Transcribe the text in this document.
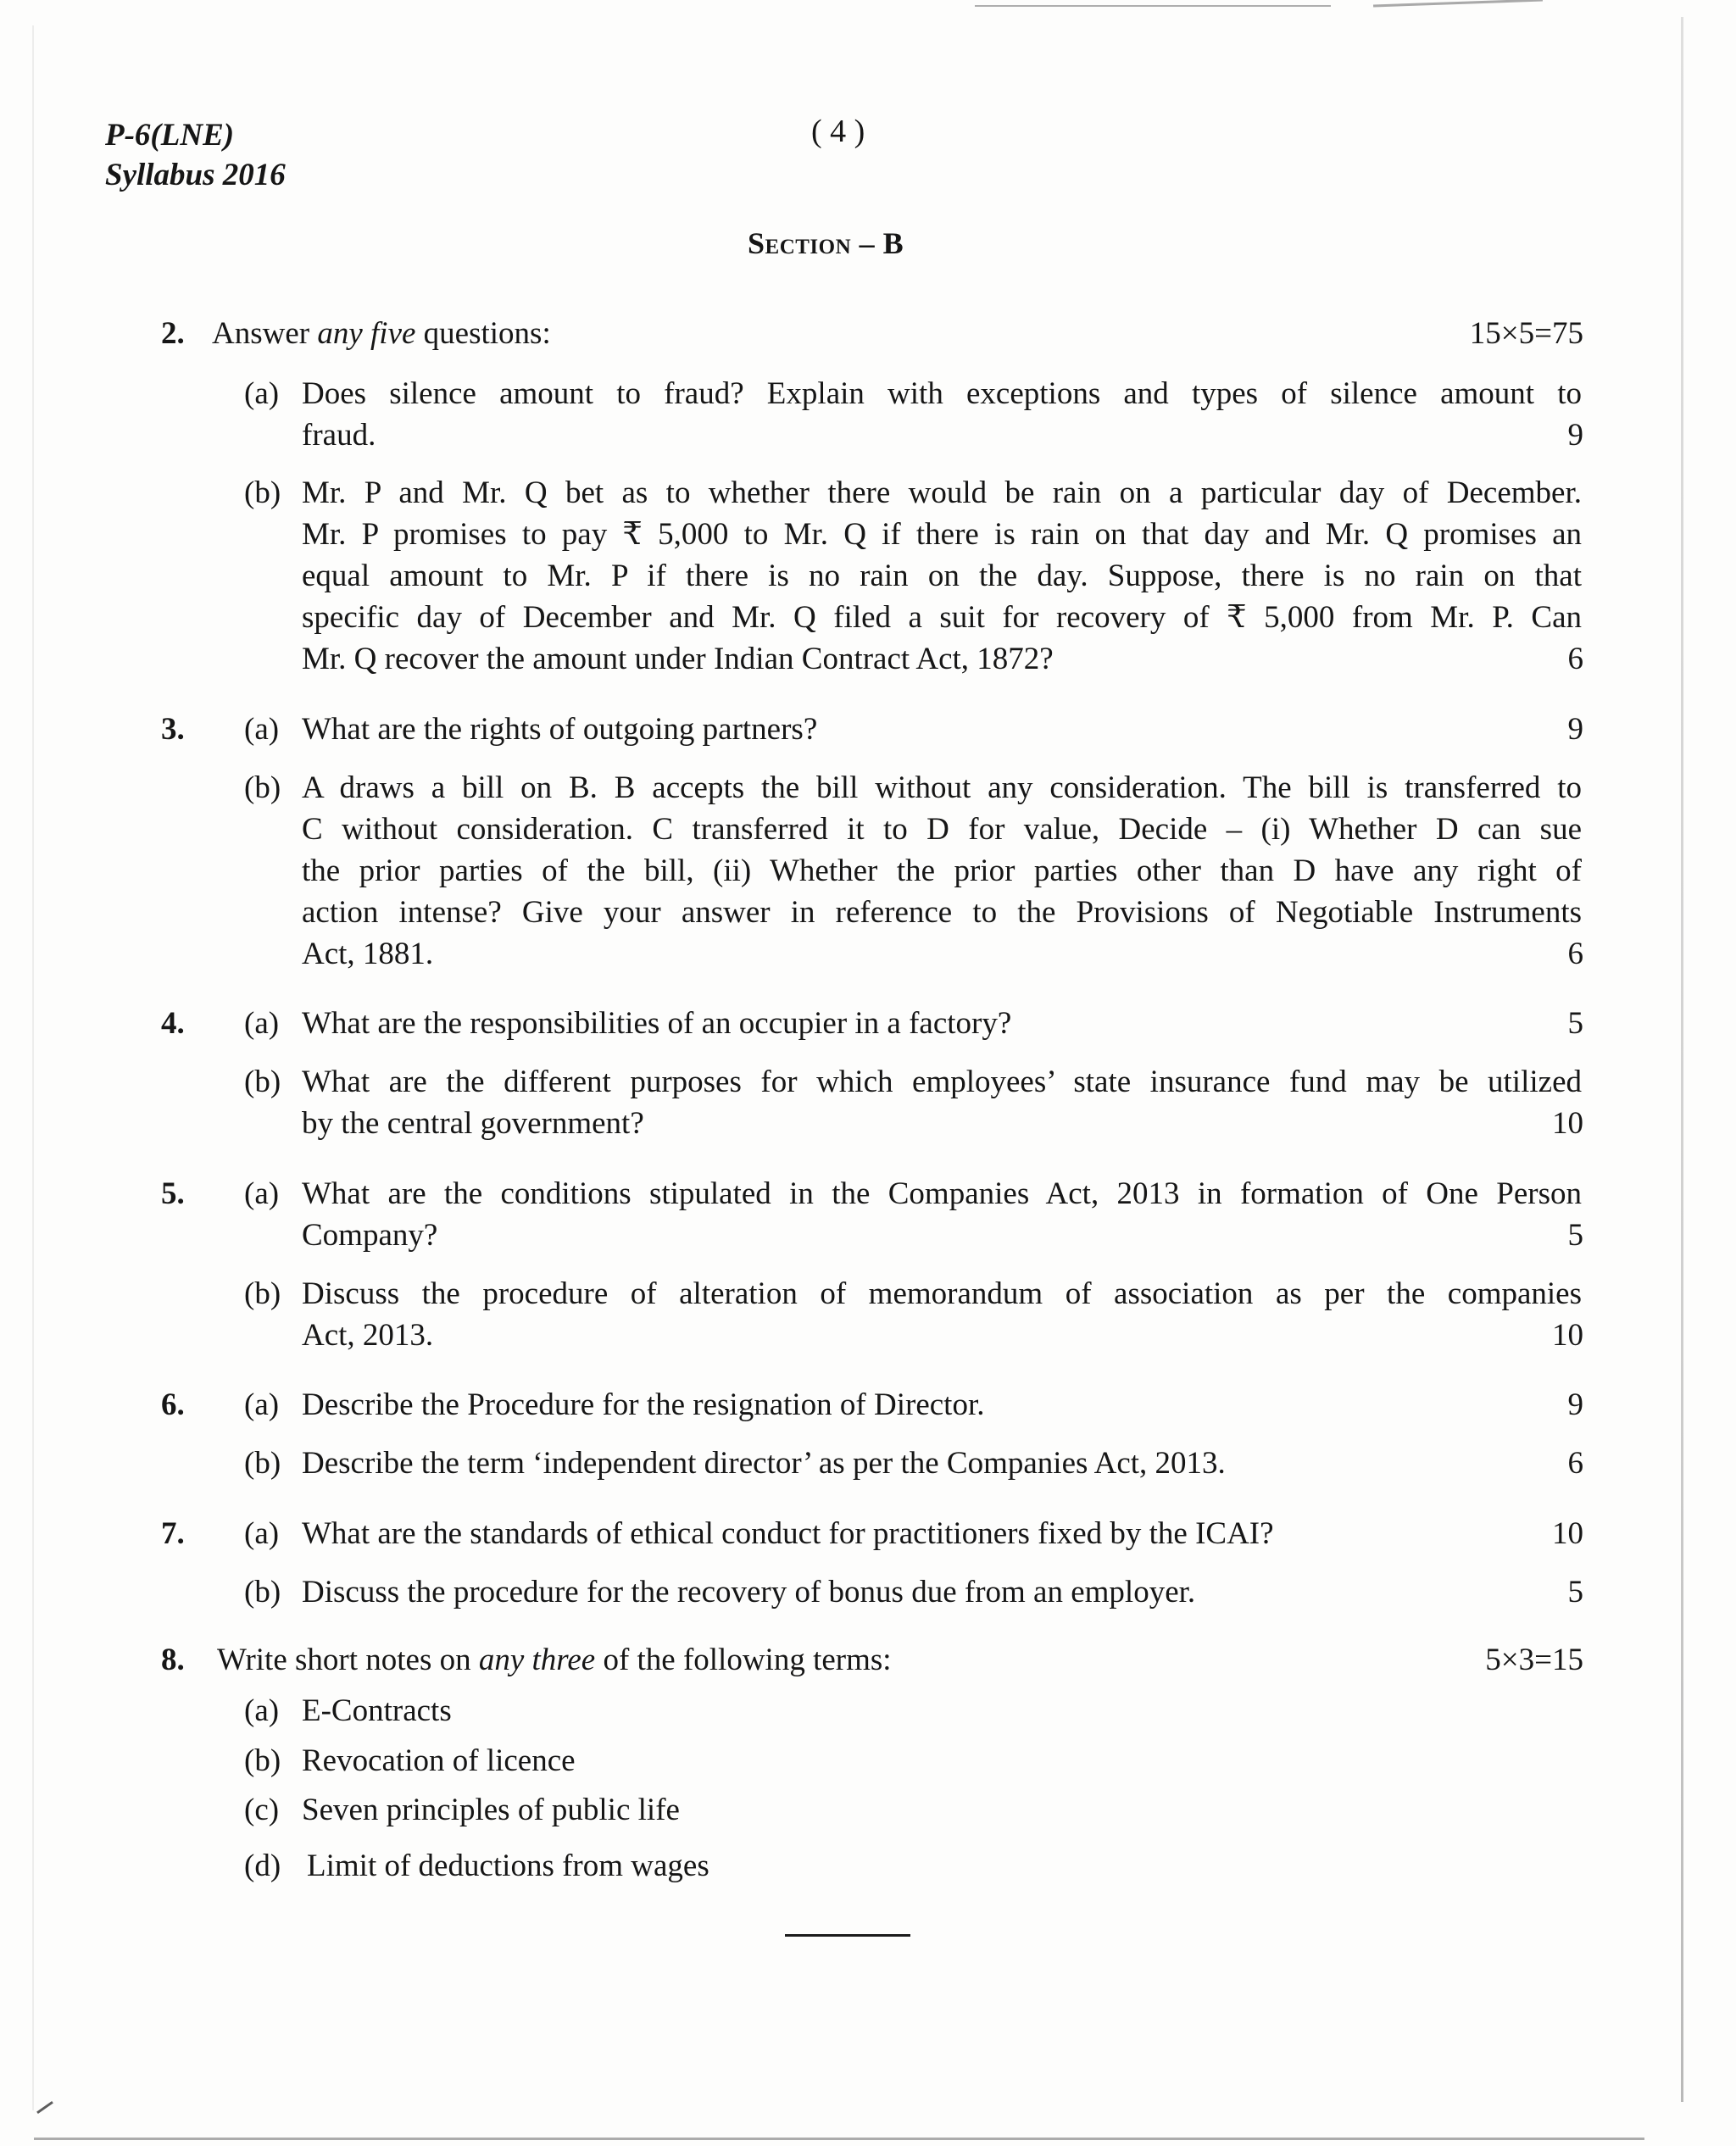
P-6(LNE)
Syllabus 2016
( 4 )
Section – B
2. Answer any five questions:	15×5=75
(a) Does silence amount to fraud? Explain with exceptions and types of silence amount to
fraud.	9
(b) Mr. P and Mr. Q bet as to whether there would be rain on a particular day of December.
Mr. P promises to pay ₹ 5,000 to Mr. Q if there is rain on that day and Mr. Q promises an
equal amount to Mr. P if there is no rain on the day. Suppose, there is no rain on that
specific day of December and Mr. Q filed a suit for recovery of ₹ 5,000 from Mr. P. Can
Mr. Q recover the amount under Indian Contract Act, 1872?	6
3. (a) What are the rights of outgoing partners?	9
(b) A draws a bill on B. B accepts the bill without any consideration. The bill is transferred to
C without consideration. C transferred it to D for value, Decide – (i) Whether D can sue
the prior parties of the bill, (ii) Whether the prior parties other than D have any right of
action intense? Give your answer in reference to the Provisions of Negotiable Instruments
Act, 1881.	6
4. (a) What are the responsibilities of an occupier in a factory?	5
(b) What are the different purposes for which employees’ state insurance fund may be utilized
by the central government?	10
5. (a) What are the conditions stipulated in the Companies Act, 2013 in formation of One Person
Company?	5
(b) Discuss the procedure of alteration of memorandum of association as per the companies
Act, 2013.	10
6. (a) Describe the Procedure for the resignation of Director.	9
(b) Describe the term ‘independent director’ as per the Companies Act, 2013.	6
7. (a) What are the standards of ethical conduct for practitioners fixed by the ICAI?	10
(b) Discuss the procedure for the recovery of bonus due from an employer.	5
8. Write short notes on any three of the following terms:	5×3=15
(a) E-Contracts
(b) Revocation of licence
(c) Seven principles of public life
(d) Limit of deductions from wages
